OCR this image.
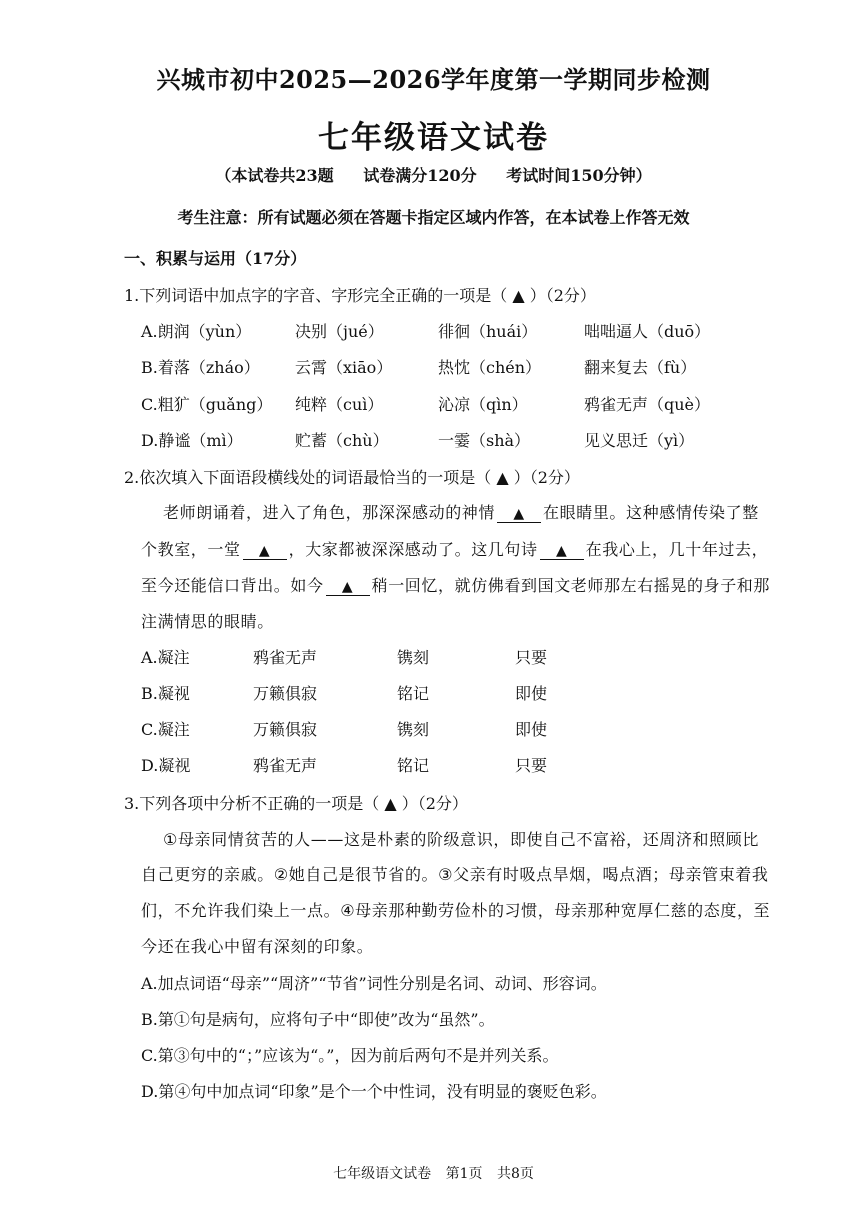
兴城市初中2025—2026学年度第一学期同步检测
七年级语文试卷
（本试卷共23题 试卷满分120分 考试时间150分钟）
考生注意：所有试题必须在答题卡指定区域内作答，在本试卷上作答无效
一、积累与运用（17分）
1.下列词语中加点字的字音、字形完全正确的一项是（ ▲ ）（2分）
A.朗润（yùn）	决别（jué）	徘徊（huái）	咄咄逼人（duō）
B.着落（zháo） 云霄（xiāo）	热忱（chén）	翻来复去（fù）
C.粗犷（guǎng） 纯粹（cuì）	沁凉（qìn）	鸦雀无声（què）
D.静谧（mì）	贮蓄（chù）	一霎（shà）	见义思迁（yì）
2.依次填入下面语段横线处的词语最恰当的一项是（ ▲ ）（2分）
老师朗诵着，进入了角色，那深深感动的神情 ▲ 在眼睛里。这种感情传染了整
个教室，一堂 ▲ ，大家都被深深感动了。这几句诗 ▲ 在我心上，几十年过去，
至今还能信口背出。如今 ▲ 稍一回忆，就仿佛看到国文老师那左右摇晃的身子和那
注满情思的眼睛。
A.凝注	鸦雀无声	镌刻	只要
B.凝视	万籁俱寂	铭记	即使
C.凝注	万籁俱寂	镌刻	即使
D.凝视	鸦雀无声	铭记	只要
3.下列各项中分析不正确的一项是（ ▲ ）（2分）
①母亲同情贫苦的人——这是朴素的阶级意识，即使自己不富裕，还周济和照顾比
自己更穷的亲戚。②她自己是很节省的。③父亲有时吸点旱烟，喝点酒；母亲管束着我
们，不允许我们染上一点。④母亲那种勤劳俭朴的习惯，母亲那种宽厚仁慈的态度，至
今还在我心中留有深刻的印象。
A.加点词语“母亲”“周济”“节省”词性分别是名词、动词、形容词。
B.第①句是病句，应将句子中“即使”改为“虽然”。
C.第③句中的“；”应该为“。”，因为前后两句不是并列关系。
D.第④句中加点词“印象”是个一个中性词，没有明显的褒贬色彩。
七年级语文试卷 第1页 共8页
